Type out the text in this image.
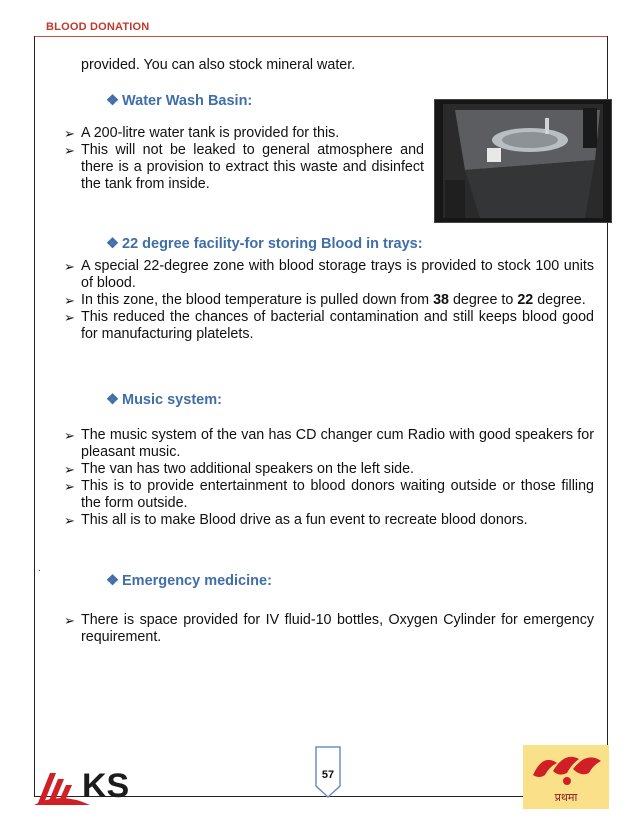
BLOOD DONATION
provided. You can also stock mineral water.
❖ Water Wash Basin:
➢ A 200-litre water tank is provided for this.
➢ This will not be leaked to general atmosphere and there is a provision to extract this waste and disinfect the tank from inside.
❖ 22 degree facility-for storing Blood in trays:
➢ A special 22-degree zone with blood storage trays is provided to stock 100 units of blood.
➢ In this zone, the blood temperature is pulled down from 38 degree to 22 degree.
➢ This reduced the chances of bacterial contamination and still keeps blood good for manufacturing platelets.
❖ Music system:
➢ The music system of the van has CD changer cum Radio with good speakers for pleasant music.
➢ The van has two additional speakers on the left side.
➢ This is to provide entertainment to blood donors waiting outside or those filling the form outside.
➢ This all is to make Blood drive as a fun event to recreate blood donors.
.
❖ Emergency medicine:
➢ There is space provided for IV fluid-10 bottles, Oxygen Cylinder for emergency requirement.
KS	57
प्रथमा
